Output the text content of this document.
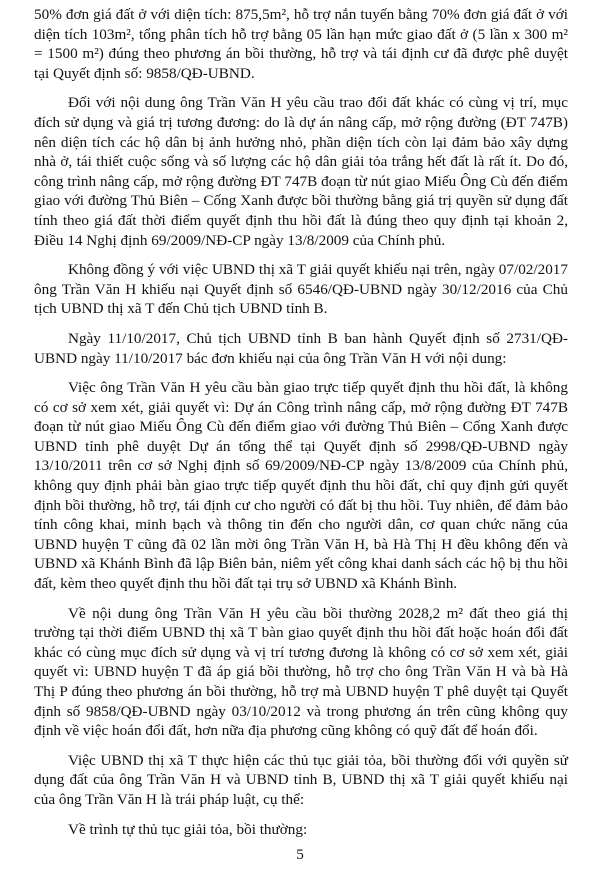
50% đơn giá đất ở với diện tích: 875,5m², hỗ trợ nắn tuyến bằng 70% đơn giá đất ở với diện tích 103m², tổng phân tích hỗ trợ bằng 05 lần hạn mức giao đất ở (5 lần x 300 m² = 1500 m²) đúng theo phương án bồi thường, hỗ trợ và tái định cư đã được phê duyệt tại Quyết định số: 9858/QĐ-UBND.

Đối với nội dung ông Trần Văn H yêu cầu trao đổi đất khác có cùng vị trí, mục đích sử dụng và giá trị tương đương: do là dự án nâng cấp, mở rộng đường (ĐT 747B) nên diện tích các hộ dân bị ảnh hưởng nhỏ, phần diện tích còn lại đảm bảo xây dựng nhà ở, tái thiết cuộc sống và số lượng các hộ dân giải tỏa trắng hết đất là rất ít. Do đó, công trình nâng cấp, mở rộng đường ĐT 747B đoạn từ nút giao Miếu Ông Cù đến điểm giao với đường Thủ Biên – Cống Xanh được bồi thường bằng giá trị quyền sử dụng đất tính theo giá đất thời điểm quyết định thu hồi đất là đúng theo quy định tại khoản 2, Điều 14 Nghị định 69/2009/NĐ-CP ngày 13/8/2009 của Chính phủ.

Không đồng ý với việc UBND thị xã T giải quyết khiếu nại trên, ngày 07/02/2017 ông Trần Văn H khiếu nại Quyết định số 6546/QĐ-UBND ngày 30/12/2016 của Chủ tịch UBND thị xã T đến Chủ tịch UBND tỉnh B.

Ngày 11/10/2017, Chủ tịch UBND tỉnh B ban hành Quyết định số 2731/QĐ-UBND ngày 11/10/2017 bác đơn khiếu nại của ông Trần Văn H với nội dung:

Việc ông Trần Văn H yêu cầu bàn giao trực tiếp quyết định thu hồi đất, là không có cơ sở xem xét, giải quyết vì: Dự án Công trình nâng cấp, mở rộng đường ĐT 747B đoạn từ nút giao Miếu Ông Cù đến điểm giao với đường Thủ Biên – Cống Xanh được UBND tỉnh phê duyệt Dự án tổng thể tại Quyết định số 2998/QĐ-UBND ngày 13/10/2011 trên cơ sở Nghị định số 69/2009/NĐ-CP ngày 13/8/2009 của Chính phủ, không quy định phải bàn giao trực tiếp quyết định thu hồi đất, chỉ quy định gửi quyết định bồi thường, hỗ trợ, tái định cư cho người có đất bị thu hồi. Tuy nhiên, để đảm bảo tính công khai, minh bạch và thông tin đến cho người dân, cơ quan chức năng của UBND huyện T cũng đã 02 lần mời ông Trần Văn H, bà Hà Thị H đều không đến và UBND xã Khánh Bình đã lập Biên bản, niêm yết công khai danh sách các hộ bị thu hồi đất, kèm theo quyết định thu hồi đất tại trụ sở UBND xã Khánh Bình.

Về nội dung ông Trần Văn H yêu cầu bồi thường 2028,2 m² đất theo giá thị trường tại thời điểm UBND thị xã T bàn giao quyết định thu hồi đất hoặc hoán đổi đất khác có cùng mục đích sử dụng và vị trí tương đương là không có cơ sở xem xét, giải quyết vì: UBND huyện T đã áp giá bồi thường, hỗ trợ cho ông Trần Văn H và bà Hà Thị P đúng theo phương án bồi thường, hỗ trợ mà UBND huyện T phê duyệt tại Quyết định số 9858/QĐ-UBND ngày 03/10/2012 và trong phương án trên cũng không quy định về việc hoán đổi đất, hơn nữa địa phương cũng không có quỹ đất để hoán đổi.

Việc UBND thị xã T thực hiện các thủ tục giải tỏa, bồi thường đối với quyền sử dụng đất của ông Trần Văn H và UBND tỉnh B, UBND thị xã T giải quyết khiếu nại của ông Trần Văn H là trái pháp luật, cụ thể:

Về trình tự thủ tục giải tỏa, bồi thường:

5
